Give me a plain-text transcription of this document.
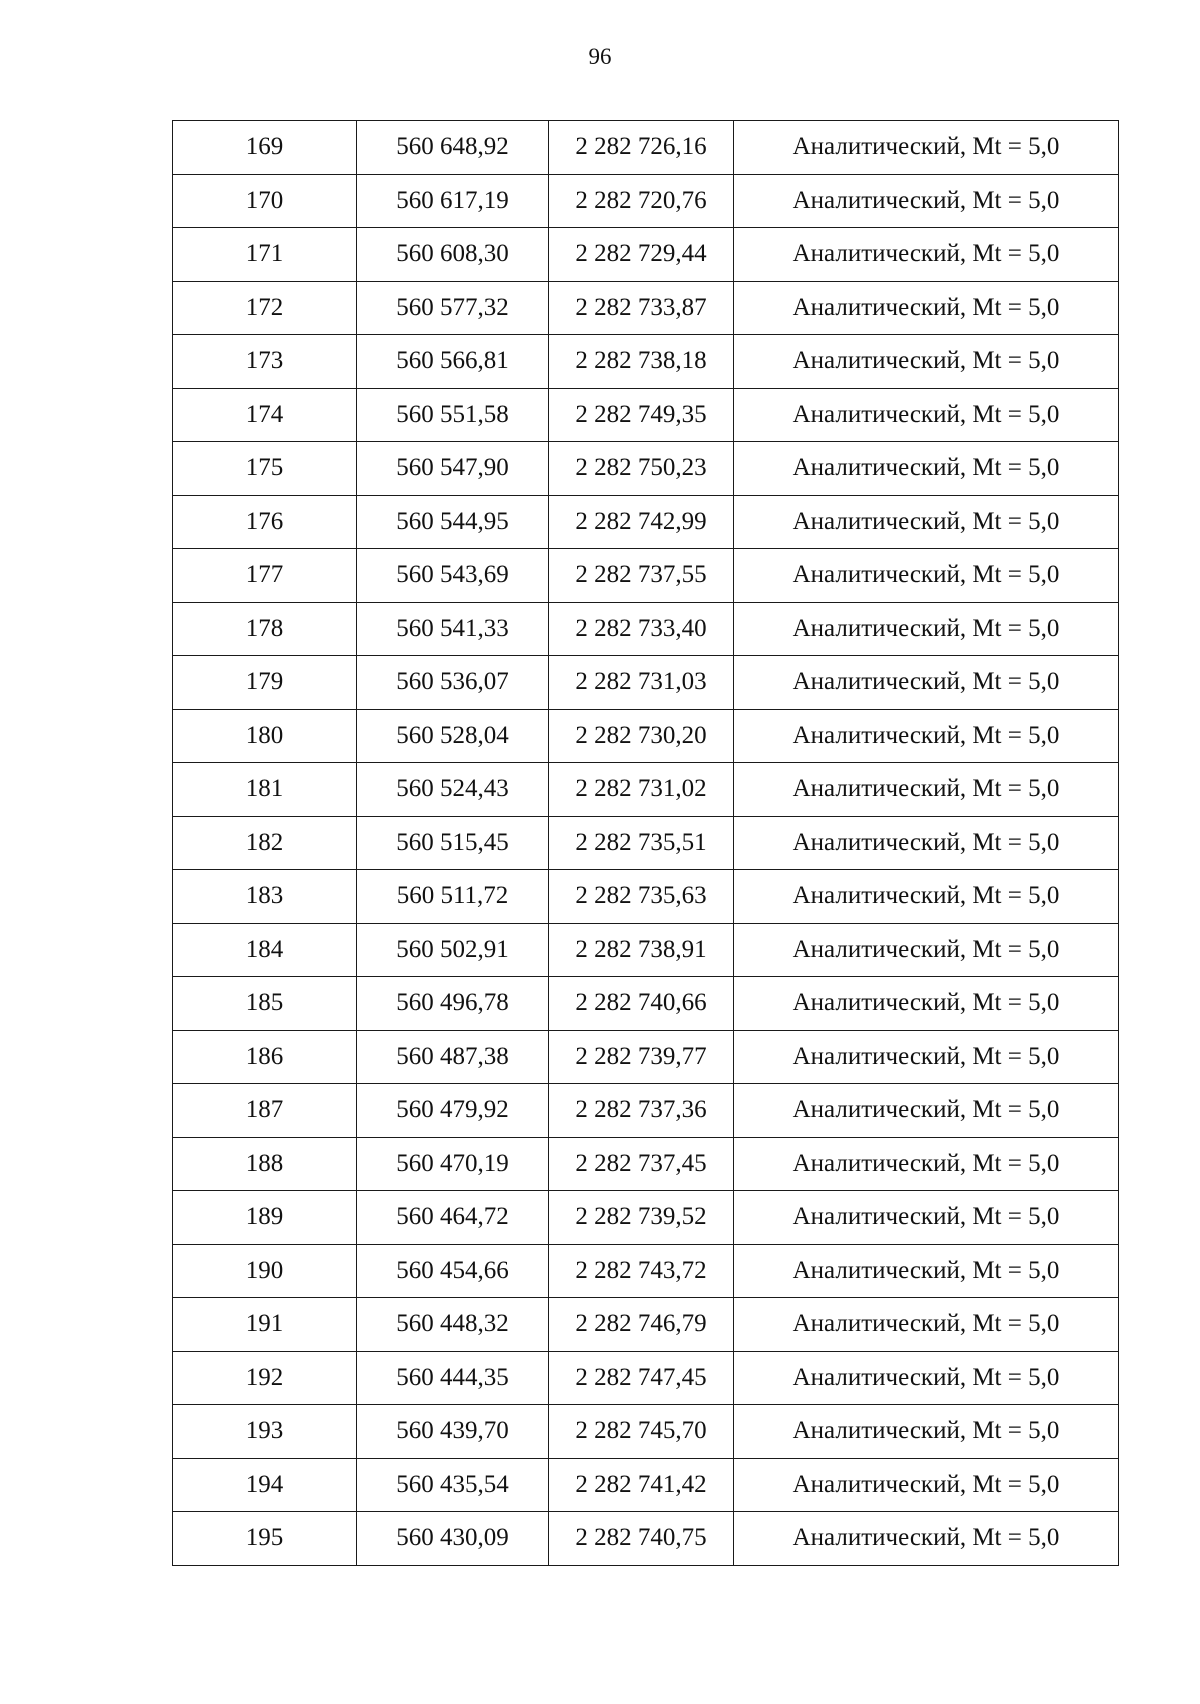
96
169	560 648,92	2 282 726,16	Аналитический, Mt = 5,0
170	560 617,19	2 282 720,76	Аналитический, Mt = 5,0
171	560 608,30	2 282 729,44	Аналитический, Mt = 5,0
172	560 577,32	2 282 733,87	Аналитический, Mt = 5,0
173	560 566,81	2 282 738,18	Аналитический, Mt = 5,0
174	560 551,58	2 282 749,35	Аналитический, Mt = 5,0
175	560 547,90	2 282 750,23	Аналитический, Mt = 5,0
176	560 544,95	2 282 742,99	Аналитический, Mt = 5,0
177	560 543,69	2 282 737,55	Аналитический, Mt = 5,0
178	560 541,33	2 282 733,40	Аналитический, Mt = 5,0
179	560 536,07	2 282 731,03	Аналитический, Mt = 5,0
180	560 528,04	2 282 730,20	Аналитический, Mt = 5,0
181	560 524,43	2 282 731,02	Аналитический, Mt = 5,0
182	560 515,45	2 282 735,51	Аналитический, Mt = 5,0
183	560 511,72	2 282 735,63	Аналитический, Mt = 5,0
184	560 502,91	2 282 738,91	Аналитический, Mt = 5,0
185	560 496,78	2 282 740,66	Аналитический, Mt = 5,0
186	560 487,38	2 282 739,77	Аналитический, Mt = 5,0
187	560 479,92	2 282 737,36	Аналитический, Mt = 5,0
188	560 470,19	2 282 737,45	Аналитический, Mt = 5,0
189	560 464,72	2 282 739,52	Аналитический, Mt = 5,0
190	560 454,66	2 282 743,72	Аналитический, Mt = 5,0
191	560 448,32	2 282 746,79	Аналитический, Mt = 5,0
192	560 444,35	2 282 747,45	Аналитический, Mt = 5,0
193	560 439,70	2 282 745,70	Аналитический, Mt = 5,0
194	560 435,54	2 282 741,42	Аналитический, Mt = 5,0
195	560 430,09	2 282 740,75	Аналитический, Mt = 5,0
